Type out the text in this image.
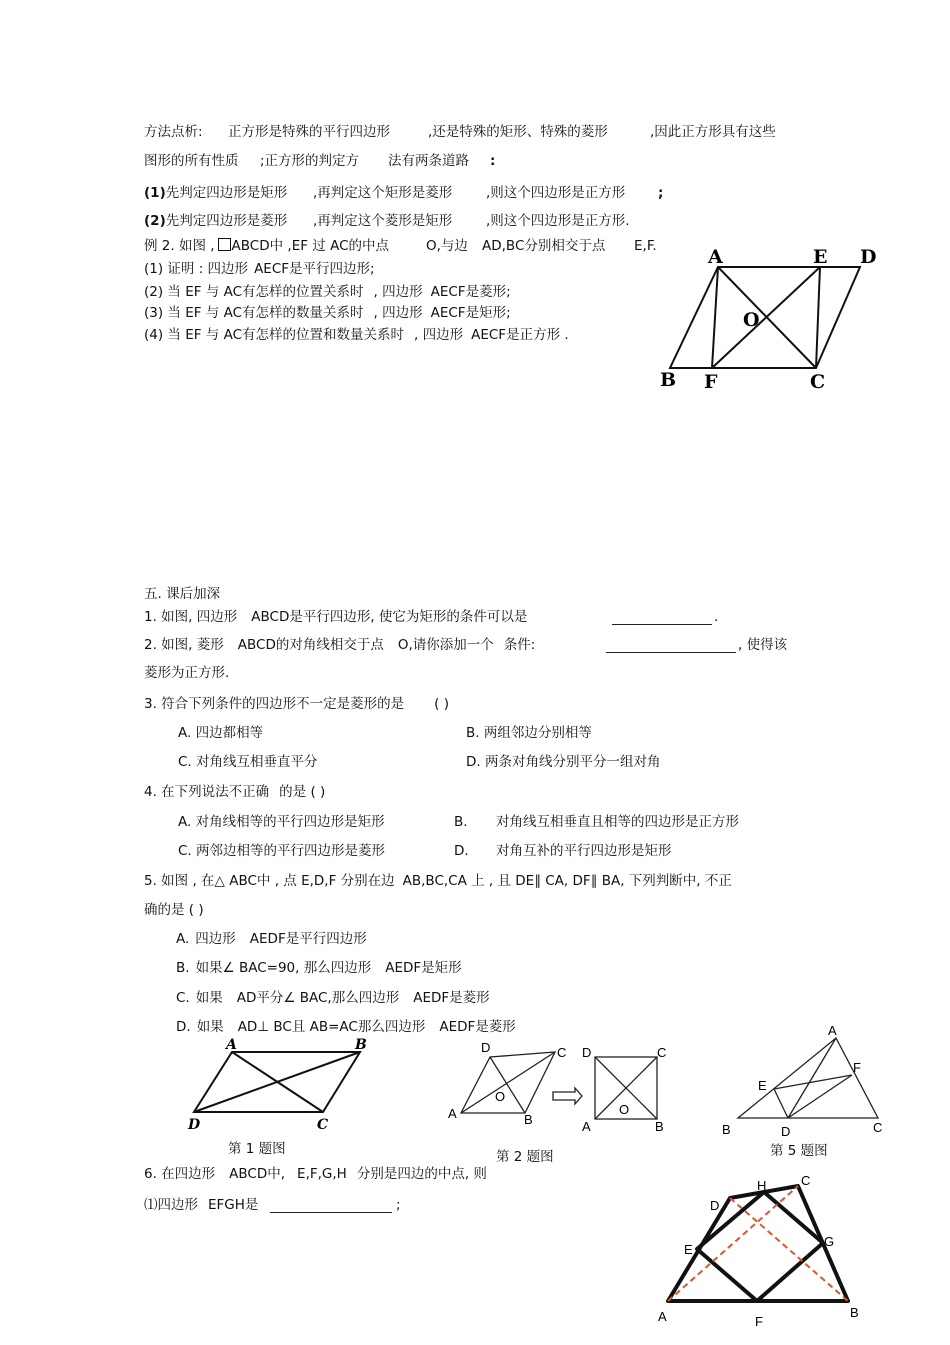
方法点析: 正方形是特殊的平行四边形	,还是特殊的矩形、特殊的菱形	,因此正方形具有这些
图形的所有性质 ;正方形的判定方 法有两条道路 :
(1)先判定四边形是矩形 ,再判定这个矩形是菱形 ,则这个四边形是正方形 ;
(2)先判定四边形是菱形 ,再判定这个菱形是矩形 ,则这个四边形是正方形.
例 2. 如图 , ABCD中 ,EF 过 AC的中点	O,与边 AD,BC分别相交于点 E,F.
(1) 证明 : 四边形 AECF是平行四边形;
(2) 当 EF 与 AC有怎样的位置关系时 , 四边形 AECF是菱形;
(3) 当 EF 与 AC有怎样的数量关系时 , 四边形 AECF是矩形;
(4) 当 EF 与 AC有怎样的位置和数量关系时 , 四边形 AECF是正方形 .
A	E D
O
B F	C
五. 课后加深
1. 如图, 四边形 ABCD是平行四边形, 使它为矩形的条件可以是	.
2. 如图, 菱形 ABCD的对角线相交于点 O,请你添加一个 条件:	, 使得该
菱形为正方形.
3. 符合下列条件的四边形不一定是菱形的是 ( )
A. 四边都相等	B. 两组邻边分别相等
C. 对角线互相垂直平分	D. 两条对角线分别平分一组对角
4. 在下列说法不正确 的是 ( )
A. 对角线相等的平行四边形是矩形	B. 对角线互相垂直且相等的四边形是正方形
C. 两邻边相等的平行四边形是菱形	D. 对角互补的平行四边形是矩形
5. 如图 , 在△ ABC中 , 点 E,D,F 分别在边 AB,BC,CA 上 , 且 DE∥ CA, DF∥ BA, 下列判断中, 不正
确的是 ( )
A. 四边形 AEDF是平行四边形
B. 如果∠ BAC=90, 那么四边形 AEDF是矩形
C. 如果 AD平分∠ BAC,那么四边形 AEDF是菱形
D. 如果 AD⊥ BC且 AB=AC那么四边形 AEDF是菱形
A	B
D	C
第 1 题图
D	C
O
A	B
D	C
O
A	B
第 2 题图
A
F
E
B	D	C
第 5 题图
6. 在四边形 ABCD中, E,F,G,H 分别是四边的中点, 则
⑴四边形 EFGH是	;
H	C
D
G
E
A	F
B
